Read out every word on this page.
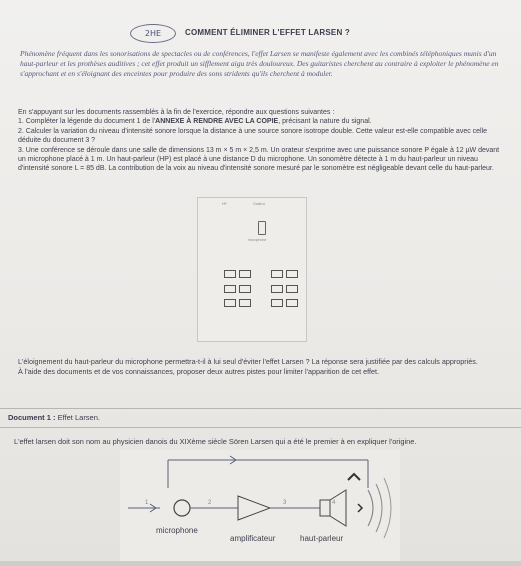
2HE	COMMENT ÉLIMINER L'EFFET LARSEN ?
Phénomène fréquent dans les sonorisations de spectacles ou de conférences, l'effet Larsen se manifeste également avec les combinés téléphoniques munis d'un haut-parleur et les prothèses auditives ; cet effet produit un sifflement aigu très douloureux. Des guitaristes cherchent au contraire à exploiter le phénomène en s'approchant et en s'éloignant des enceintes pour produire des sons stridents qu'ils cherchent à moduler.

En s'appuyant sur les documents rassemblés à la fin de l'exercice, répondre aux questions suivantes :

1. Compléter la légende du document 1 de l'ANNEXE À RENDRE AVEC LA COPIE, précisant la nature du signal.

2. Calculer la variation du niveau d'intensité sonore lorsque la distance à une source sonore isotrope double. Cette valeur est-elle compatible avec celle déduite du document 3 ?

3. Une conférence se déroule dans une salle de dimensions 13 m × 5 m × 2,5 m. Un orateur s'exprime avec une puissance sonore P égale à 12 µW devant un microphone placé à 1 m. Un haut-parleur (HP) est placé à une distance D du microphone. Un sonomètre détecte à 1 m du haut-parleur un niveau d'intensité sonore L = 85 dB. La contribution de la voix au niveau d'intensité sonore mesuré par le sonomètre est négligeable devant celle du haut-parleur.

HP	Orateur
microphone

L'éloignement du haut-parleur du microphone permettra-t-il à lui seul d'éviter l'effet Larsen ? La réponse sera justifiée par des calculs appropriés.

À l'aide des documents et de vos connaissances, proposer deux autres pistes pour limiter l'apparition de cet effet.

Document 1 : Effet Larsen.
L'effet larsen doit son nom au physicien danois du XIXème siècle Sören Larsen qui a été le premier à en expliquer l'origine.
1	2	3	4
microphone
amplificateur	haut-parleur
